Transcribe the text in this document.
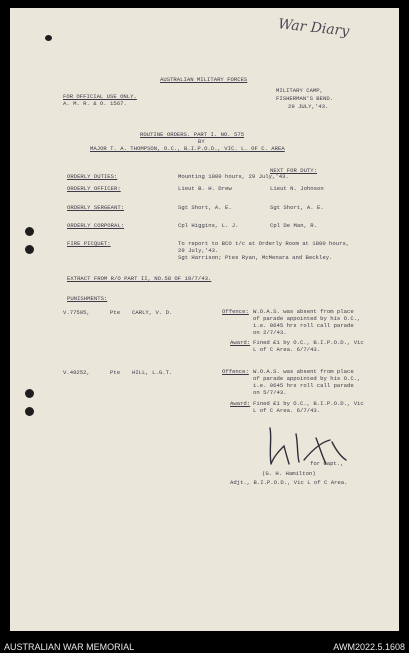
War Diary
AUSTRALIAN MILITARY FORCES
FOR OFFICIAL USE ONLY.
A. M. R. & O. 1567.
MILITARY CAMP,
FISHERMAN'S BEND.
29 JULY,'43.
ROUTINE ORDERS. PART I. NO. 575
BY
MAJOR T. A. THOMPSON, O.C., B.I.P.O.D., VIC. L. OF C. AREA
NEXT FOR DUTY:
ORDERLY DUTIES:	Mounting 1800 hours, 29 July,'43.
ORDERLY OFFICER:	Lieut B. H. Drew	Lieut N. Johnson
ORDERLY SERGEANT:	Sgt Short, A. E.	Sgt Short, A. E.
ORDERLY CORPORAL:	Cpl Higgins, L. J.	Cpl De Man, R.
FIRE PICQUET:	To report to BCO t/c at Orderly Room at 1800 hours,
29 July,'43.
Sgt Harrison; Ptes Ryan, McMenara and Beckley.
EXTRACT FROM R/O PART II, NO.58 OF 19/7/43.
PUNISHMENTS:
V.77505,	Pte CARLY, V. D.	Offence: W.O.A.S. was absent from place
of parade appointed by his O.C.,
i.e. 0645 hrs roll call parade
on 2/7/43.
Award: Fined £1 by O.C., B.I.P.O.D., Vic
L of C Area. 6/7/43.
V.49252,	Pte HILL, L.G.T.	Offence: W.O.A.S. was absent from place
of parade appointed by his O.C.,
i.e. 0645 hrs roll call parade
on 5/7/43.
Award: Fined £1 by O.C., B.I.P.O.D., Vic
L of C Area. 6/7/43.
for Capt.,
(G. H. Hamilton)
Adjt., B.I.P.O.D., Vic L of C Area.
AUSTRALIAN WAR MEMORIAL	AWM2022.5.1608
